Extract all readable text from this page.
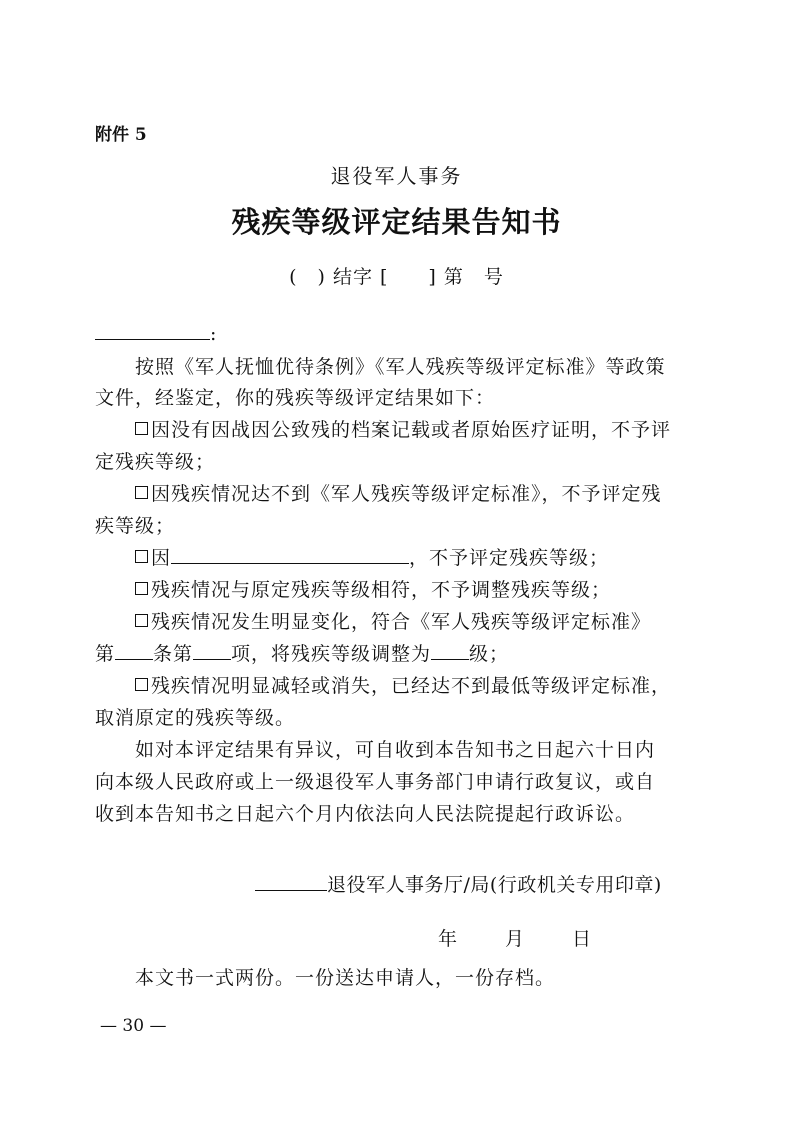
附件 5
退役军人事务
残疾等级评定结果告知书
( ) 结字 [ ] 第 号
:
按照《军人抚恤优待条例》《军人残疾等级评定标准》等政策
文件，经鉴定，你的残疾等级评定结果如下：
因没有因战因公致残的档案记载或者原始医疗证明，不予评
定残疾等级；
因残疾情况达不到《军人残疾等级评定标准》，不予评定残
疾等级；
因	，不予评定残疾等级；
残疾情况与原定残疾等级相符，不予调整残疾等级；
残疾情况发生明显变化，符合《军人残疾等级评定标准》
第 条第 项，将残疾等级调整为 级；
残疾情况明显减轻或消失，已经达不到最低等级评定标准，
取消原定的残疾等级。
如对本评定结果有异议，可自收到本告知书之日起六十日内
向本级人民政府或上一级退役军人事务部门申请行政复议，或自
收到本告知书之日起六个月内依法向人民法院提起行政诉讼。
退役军人事务厅/局(行政机关专用印章)
年	月	日
本文书一式两份。一份送达申请人，一份存档。
— 30 —
